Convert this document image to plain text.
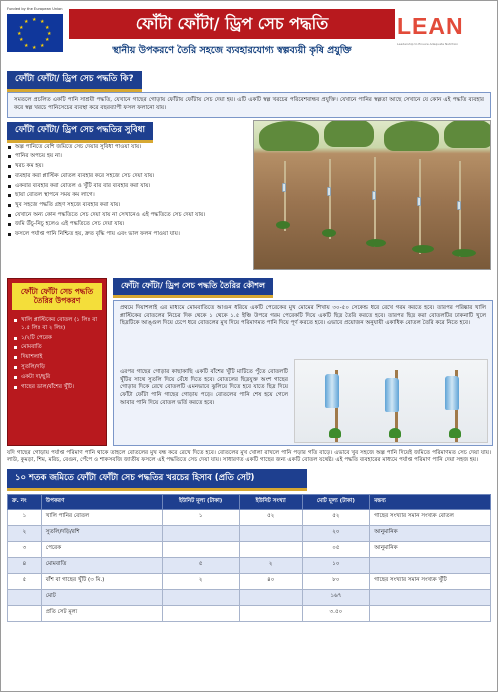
Funded by the European Union
★ ★
★
★
★
★
★
★
★
★
★
★	ফোঁটা ফোঁটা/ ড্রিপ সেচ পদ্ধতি	LEAN
Leadership to Ensure Adequate Nutrition
স্থানীয় উপকরণে তৈরি সহজে ব্যবহারযোগ্য স্বল্পব্যয়ী কৃষি প্রযুক্তি
ফোঁটা ফোঁটা/ ড্রিপ সেচ পদ্ধতি কি?

সমতলে প্রচলিত একটি পানি সাশ্রয়ী পদ্ধতি, যেখানে গাছের গোড়ায় ফোঁটায় ফোঁটায় সেচ দেয়া হয়। এটি একটি স্বল্প খরচের পরিবেশবান্ধব প্রযুক্তি। যেখানে পানির স্বল্পতা আছে সেখানে যে কোন এই পদ্ধতি ব্যবহার করে স্বল্প খরচে পানিসেচের ব্যবস্থা করে বছরব্যাপী ফসল ফলানো যায়।

ফোঁটা ফোঁটা/ ড্রিপ সেচ পদ্ধতির সুবিধা
অল্প পানিতে বেশি জমিতে সেচ দেয়ার সুবিধা পাওয়া যায়।
পানির অপচয় হয় না।
খরচ কম হয়।
ব্যবহার করা প্লাস্টিক বোতল ব্যবহার করে সহজে সেচ দেয়া যায়।
একবার ব্যবহার করা বোতল ও খুঁটি বার বার ব্যবহার করা যায়।
ছায়া বোতল স্থাপনে সময় কম লাগে।
খুব সহজে পদ্ধতি গ্রহণ সহজে ব্যবহার করা যায়।
যেখানে অন্য কোন পদ্ধতিতে সেচ দেয়া যায় না সেখানেও এই পদ্ধতিতে সেচ দেয়া যায়।
জমি উঁচু-নিচু হলেও এই পদ্ধতিতে সেচ দেয়া যায়।
ফসলে পর্যাপ্ত পানি নিশ্চিত হয়, দ্রুত বৃদ্ধি পায় এবং ভাল ফলন পাওয়া যায়।
ফোঁটা ফোঁটা সেচ পদ্ধতি তৈরির উপকরণ
খালি প্লাস্টিকের বোতল (১ লিঃ বা ১.৫ লিঃ বা ২ লিঃ)
১/২টি পেরেক
মোমবাতি
দিয়াশলাই
সুতলি/দড়ি
একটা দা/ছুরি
গাছের ডাল/বাঁশের খুঁটি।
ফোঁটা ফোঁটা/ ড্রিপ সেচ পদ্ধতি তৈরির কৌশল

প্রথমে দিয়াশলাই এর মাধ্যমে মোমবাতিতে আগুন ধরিয়ে একটি পেরেকের মুখ মোমের শিখায় ৩০-৫০ সেকেন্ড ধরে রেখে গরম করতে হবে। তারপর পরিষ্কার খালি প্লাস্টিকের বোতলের নিচের দিক থেকে ১ থেকে ১.৫ ইঞ্চি উপরে গরম পেরেকটি দিয়ে একটি ছিদ্র তৈরি করতে হবে। তারপর ছিদ্র করা বোতলটির ঢাকনাটি খুলে ছিদ্রটিকে আঙ্গুল দিয়ে চেপে ধরে বোতলের মুখ দিয়ে পরিমাণমত পানি দিয়ে পূর্ণ করতে হবে। এভাবে প্রয়োজন অনুযায়ী একাধিক বোতল তৈরি করে নিতে হবে।

এরপর গাছের গোড়ার কাছাকাছি একটি বাঁশের খুঁটি মাটিতে পুঁতে বোতলটি খুঁটির সাথে সুতলি দিয়ে বেঁধে দিতে হবে। বোতলের ছিদ্রযুক্ত অংশ গাছের গোড়ার দিকে রেখে বোতলটি এমনভাবে ঝুলিয়ে দিতে হবে যাতে ছিদ্র দিয়ে ফোঁটা ফোঁটা পানি গাছের গোড়ায় পড়ে। বোতলের পানি শেষ হয়ে গেলে আবার পানি দিয়ে বোতল ভর্তি করতে হবে।

যদি গাছের গোড়ায় পর্যাপ্ত পরিমাণ পানি থাকে তাহলে বোতলের মুখ বন্ধ করে রেখে দিতে হবে। বোতলের মুখ খোলা রাখলে পানি পড়ার গতি বাড়ে। এভাবে খুব সহজে অল্প পানি দিয়েই জমিতে পরিমাণমত সেচ দেয়া যায়। লাউ, কুমড়া, শিম, মরিচ, বেগুন, পেঁপে ও শাকসবজি জাতীয় ফসলে এই পদ্ধতিতে সেচ দেয়া যায়। সাধারণত একটি গাছের জন্য একটি বোতল যথেষ্ট। এই পদ্ধতি ব্যবহারের মাধ্যমে পর্যাপ্ত পরিমাণ পানি দেয়া সহজ হয়।

১০ শতক জমিতে ফোঁটা ফোঁটা সেচ পদ্ধতির খরচের হিসাব (প্রতি সেট)
ক্র. নং	উপকরণ	ইউনিট মূল্য (টাকা)	ইউনিট সংখ্যা	মোট মূল্য (টাকা)	মন্তব্য
১	খালি পানির বোতল	১	৫২	৫২	গাছের সংখ্যার সমান সংখ্যক বোতল
২	সুতলি/দড়ি/রশি			২০	আনুমানিক
৩	পেরেক			০৫	আনুমানিক
৪	মোমবাতি	৫	২	১০	
৫	বাঁশ বা গাছের খুঁটি (৩ মি.)	২	৪০	৮০	গাছের সংখ্যার সমান সংখ্যক খুঁটি
	মোট			১৬৭	
	প্রতি সেট মূল্য			৩.৫০	
